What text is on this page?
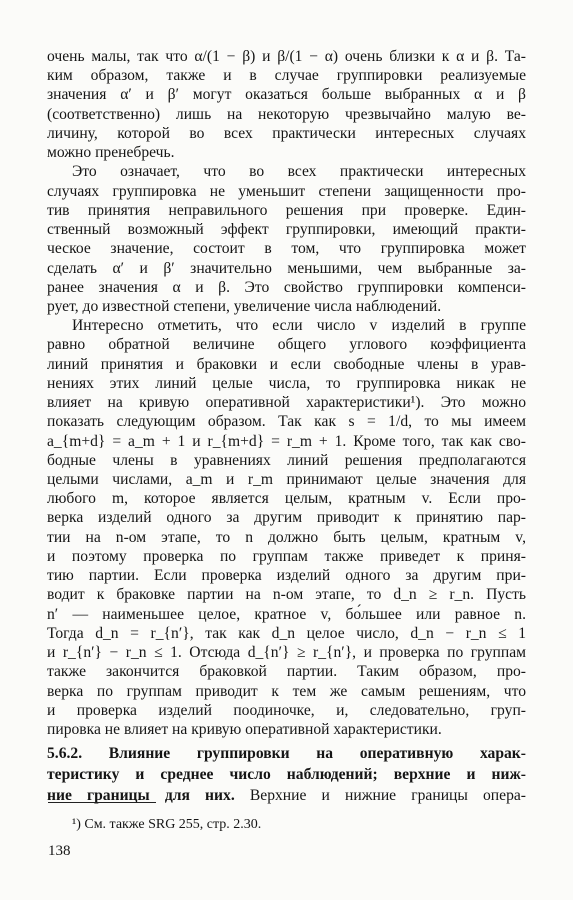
очень малы, так что α/(1 − β) и β/(1 − α) очень близки к α и β. Та-
ким образом, также и в случае группировки реализуемые
значения α′ и β′ могут оказаться больше выбранных α и β
(соответственно) лишь на некоторую чрезвычайно малую ве-
личину, которой во всех практически интересных случаях
можно пренебречь.
Это означает, что во всех практически интересных
случаях группировка не уменьшит степени защищенности про-
тив принятия неправильного решения при проверке. Един-
ственный возможный эффект группировки, имеющий практи-
ческое значение, состоит в том, что группировка может
сделать α′ и β′ значительно меньшими, чем выбранные за-
ранее значения α и β. Это свойство группировки компенси-
рует, до известной степени, увеличение числа наблюдений.
Интересно отметить, что если число v изделий в группе
равно обратной величине общего углового коэффициента
линий принятия и браковки и если свободные члены в урав-
нениях этих линий целые числа, то группировка никак не
влияет на кривую оперативной характеристики¹). Это можно
показать следующим образом. Так как s = 1/d, то мы имеем
a_{m+d} = a_m + 1 и r_{m+d} = r_m + 1. Кроме того, так как сво-
бодные члены в уравнениях линий решения предполагаются
целыми числами, a_m и r_m принимают целые значения для
любого m, которое является целым, кратным v. Если про-
верка изделий одного за другим приводит к принятию пар-
тии на n-ом этапе, то n должно быть целым, кратным v,
и поэтому проверка по группам также приведет к приня-
тию партии. Если проверка изделий одного за другим при-
водит к браковке партии на n-ом этапе, то d_n ≥ r_n. Пусть
n′ — наименьшее целое, кратное v, бо́льшее или равное n.
Тогда d_n = r_{n′}, так как d_n целое число, d_n − r_n ≤ 1
и r_{n′} − r_n ≤ 1. Отсюда d_{n′} ≥ r_{n′}, и проверка по группам
также закончится браковкой партии. Таким образом, про-
верка по группам приводит к тем же самым решениям, что
и проверка изделий поодиночке, и, следовательно, груп-
пировка не влияет на кривую оперативной характеристики.
5.6.2. Влияние группировки на оперативную харак-
теристику и среднее число наблюдений; верхние и ниж-
ние границы для них. Верхние и нижние границы опера-
¹) См. также SRG 255, стр. 2.30.
138
